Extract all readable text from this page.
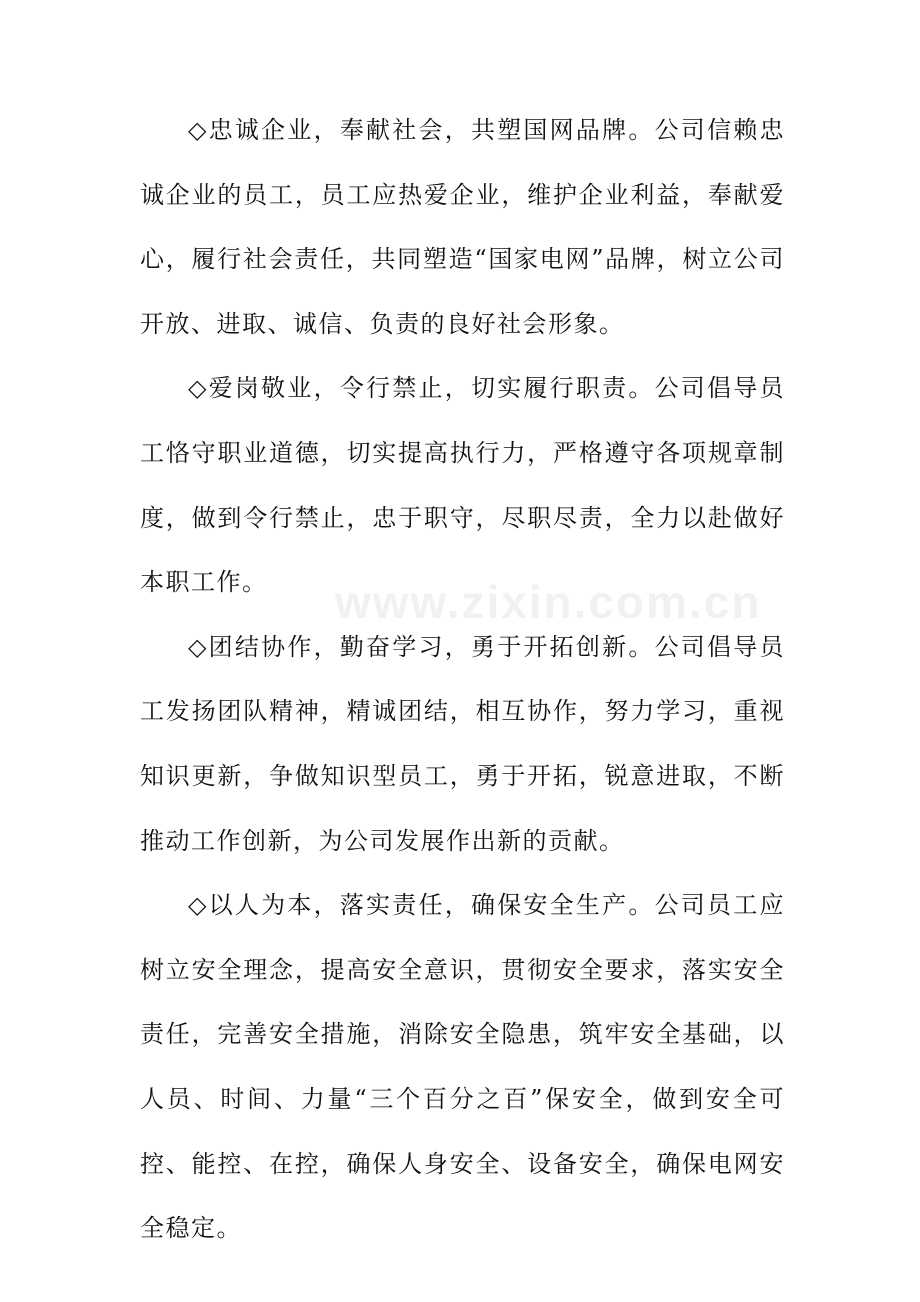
◇忠诚企业，奉献社会，共塑国网品牌。公司信赖忠诚企业的员工，员工应热爱企业，维护企业利益，奉献爱心，履行社会责任，共同塑造“国家电网”品牌，树立公司开放、进取、诚信、负责的良好社会形象。

◇爱岗敬业，令行禁止，切实履行职责。公司倡导员工恪守职业道德，切实提高执行力，严格遵守各项规章制度，做到令行禁止，忠于职守，尽职尽责，全力以赴做好本职工作。

◇团结协作，勤奋学习，勇于开拓创新。公司倡导员工发扬团队精神，精诚团结，相互协作，努力学习，重视知识更新，争做知识型员工，勇于开拓，锐意进取，不断推动工作创新，为公司发展作出新的贡献。

◇以人为本，落实责任，确保安全生产。公司员工应树立安全理念，提高安全意识，贯彻安全要求，落实安全责任，完善安全措施，消除安全隐患，筑牢安全基础，以人员、时间、力量“三个百分之百”保安全，做到安全可控、能控、在控，确保人身安全、设备安全，确保电网安全稳定。

www.zixin.com.cn
